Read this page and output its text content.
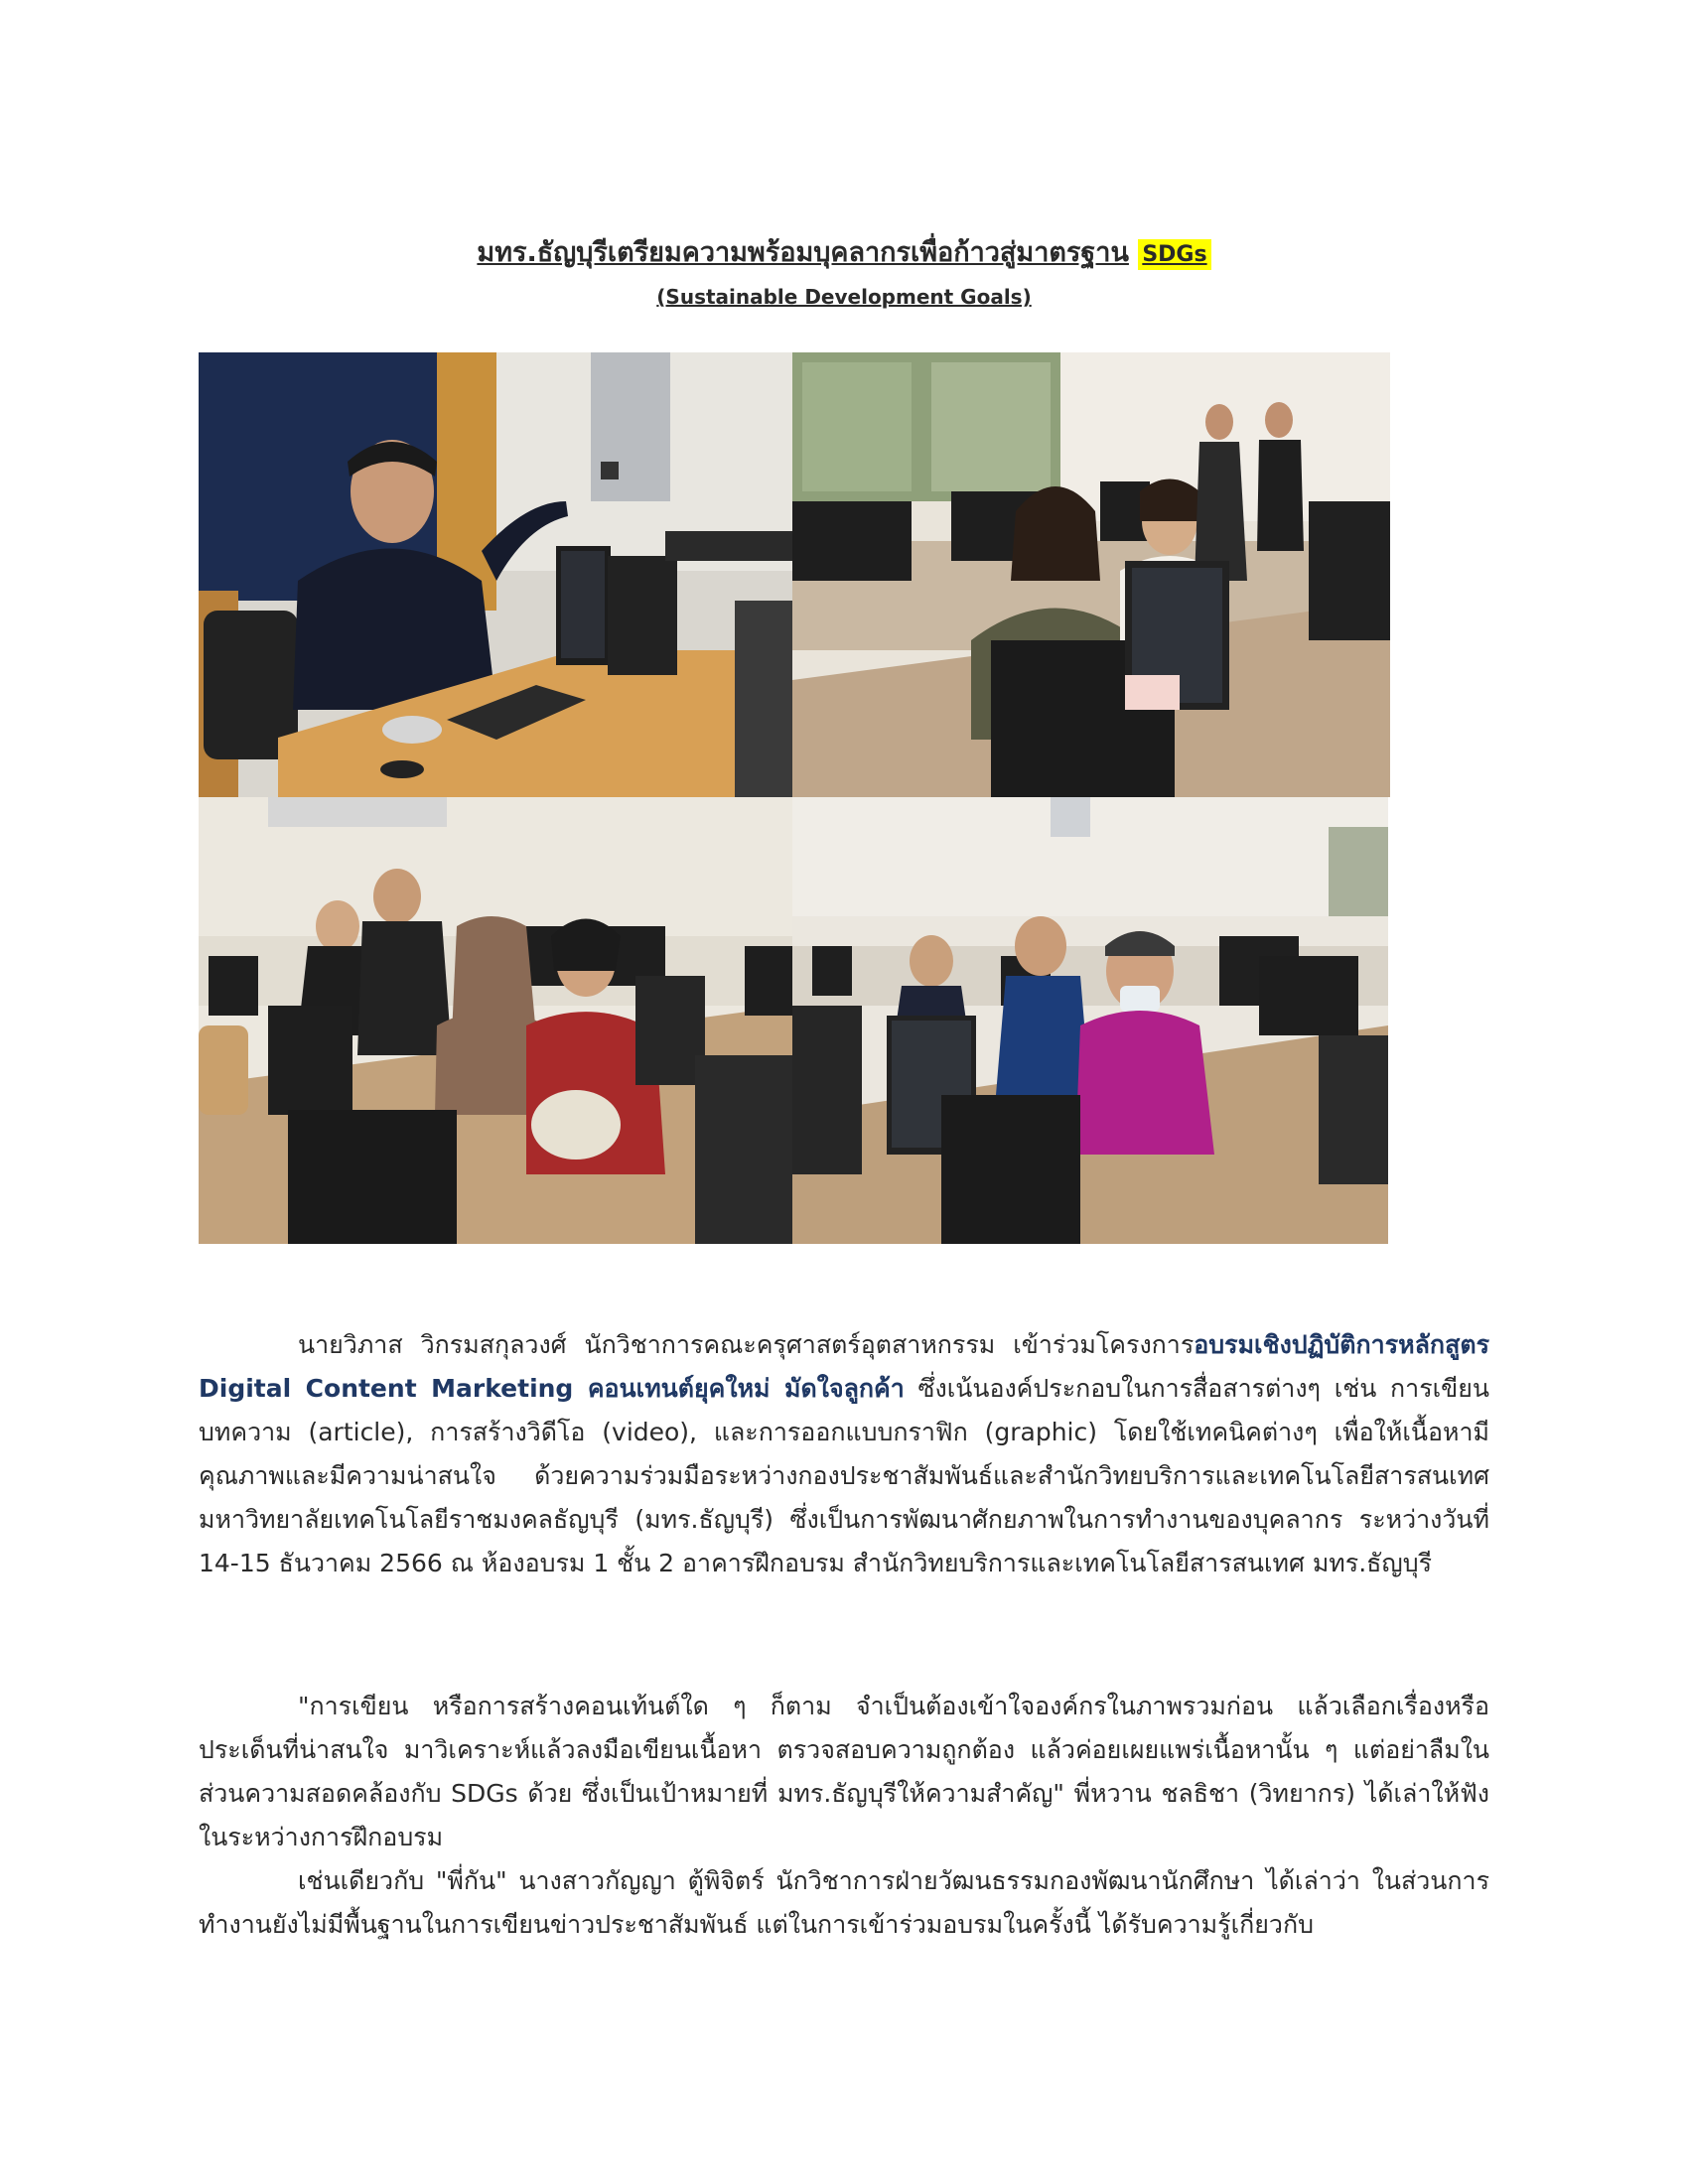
มทร.ธัญบุรีเตรียมความพร้อมบุคลากรเพื่อก้าวสู่มาตรฐาน SDGs
(Sustainable Development Goals)

นายวิภาส วิกรมสกุลวงศ์ นักวิชาการคณะครุศาสตร์อุตสาหกรรม เข้าร่วมโครงการอบรมเชิงปฏิบัติการหลักสูตร Digital Content Marketing คอนเทนต์ยุคใหม่ มัดใจลูกค้า ซึ่งเน้นองค์ประกอบในการสื่อสารต่างๆ เช่น การเขียนบทความ (article), การสร้างวิดีโอ (video), และการออกแบบกราฟิก (graphic) โดยใช้เทคนิคต่างๆ เพื่อให้เนื้อหามีคุณภาพและมีความน่าสนใจ ด้วยความร่วมมือระหว่างกองประชาสัมพันธ์และสำนักวิทยบริการและเทคโนโลยีสารสนเทศ มหาวิทยาลัยเทคโนโลยีราชมงคลธัญบุรี (มทร.ธัญบุรี) ซึ่งเป็นการพัฒนาศักยภาพในการทำงานของบุคลากร ระหว่างวันที่ 14-15 ธันวาคม 2566 ณ ห้องอบรม 1 ชั้น 2 อาคารฝึกอบรม สำนักวิทยบริการและเทคโนโลยีสารสนเทศ มทร.ธัญบุรี

"การเขียน หรือการสร้างคอนเท้นต์ใด ๆ ก็ตาม จำเป็นต้องเข้าใจองค์กรในภาพรวมก่อน แล้วเลือกเรื่องหรือประเด็นที่น่าสนใจ มาวิเคราะห์แล้วลงมือเขียนเนื้อหา ตรวจสอบความถูกต้อง แล้วค่อยเผยแพร่เนื้อหานั้น ๆ แต่อย่าลืมในส่วนความสอดคล้องกับ SDGs ด้วย ซึ่งเป็นเป้าหมายที่ มทร.ธัญบุรีให้ความสำคัญ" พี่หวาน ชลธิชา (วิทยากร) ได้เล่าให้ฟังในระหว่างการฝึกอบรม

เช่นเดียวกับ "พี่กัน" นางสาวกัญญา ตู้พิจิตร์ นักวิชาการฝ่ายวัฒนธรรมกองพัฒนานักศึกษา ได้เล่าว่า ในส่วนการทำงานยังไม่มีพื้นฐานในการเขียนข่าวประชาสัมพันธ์ แต่ในการเข้าร่วมอบรมในครั้งนี้ ได้รับความรู้เกี่ยวกับ
